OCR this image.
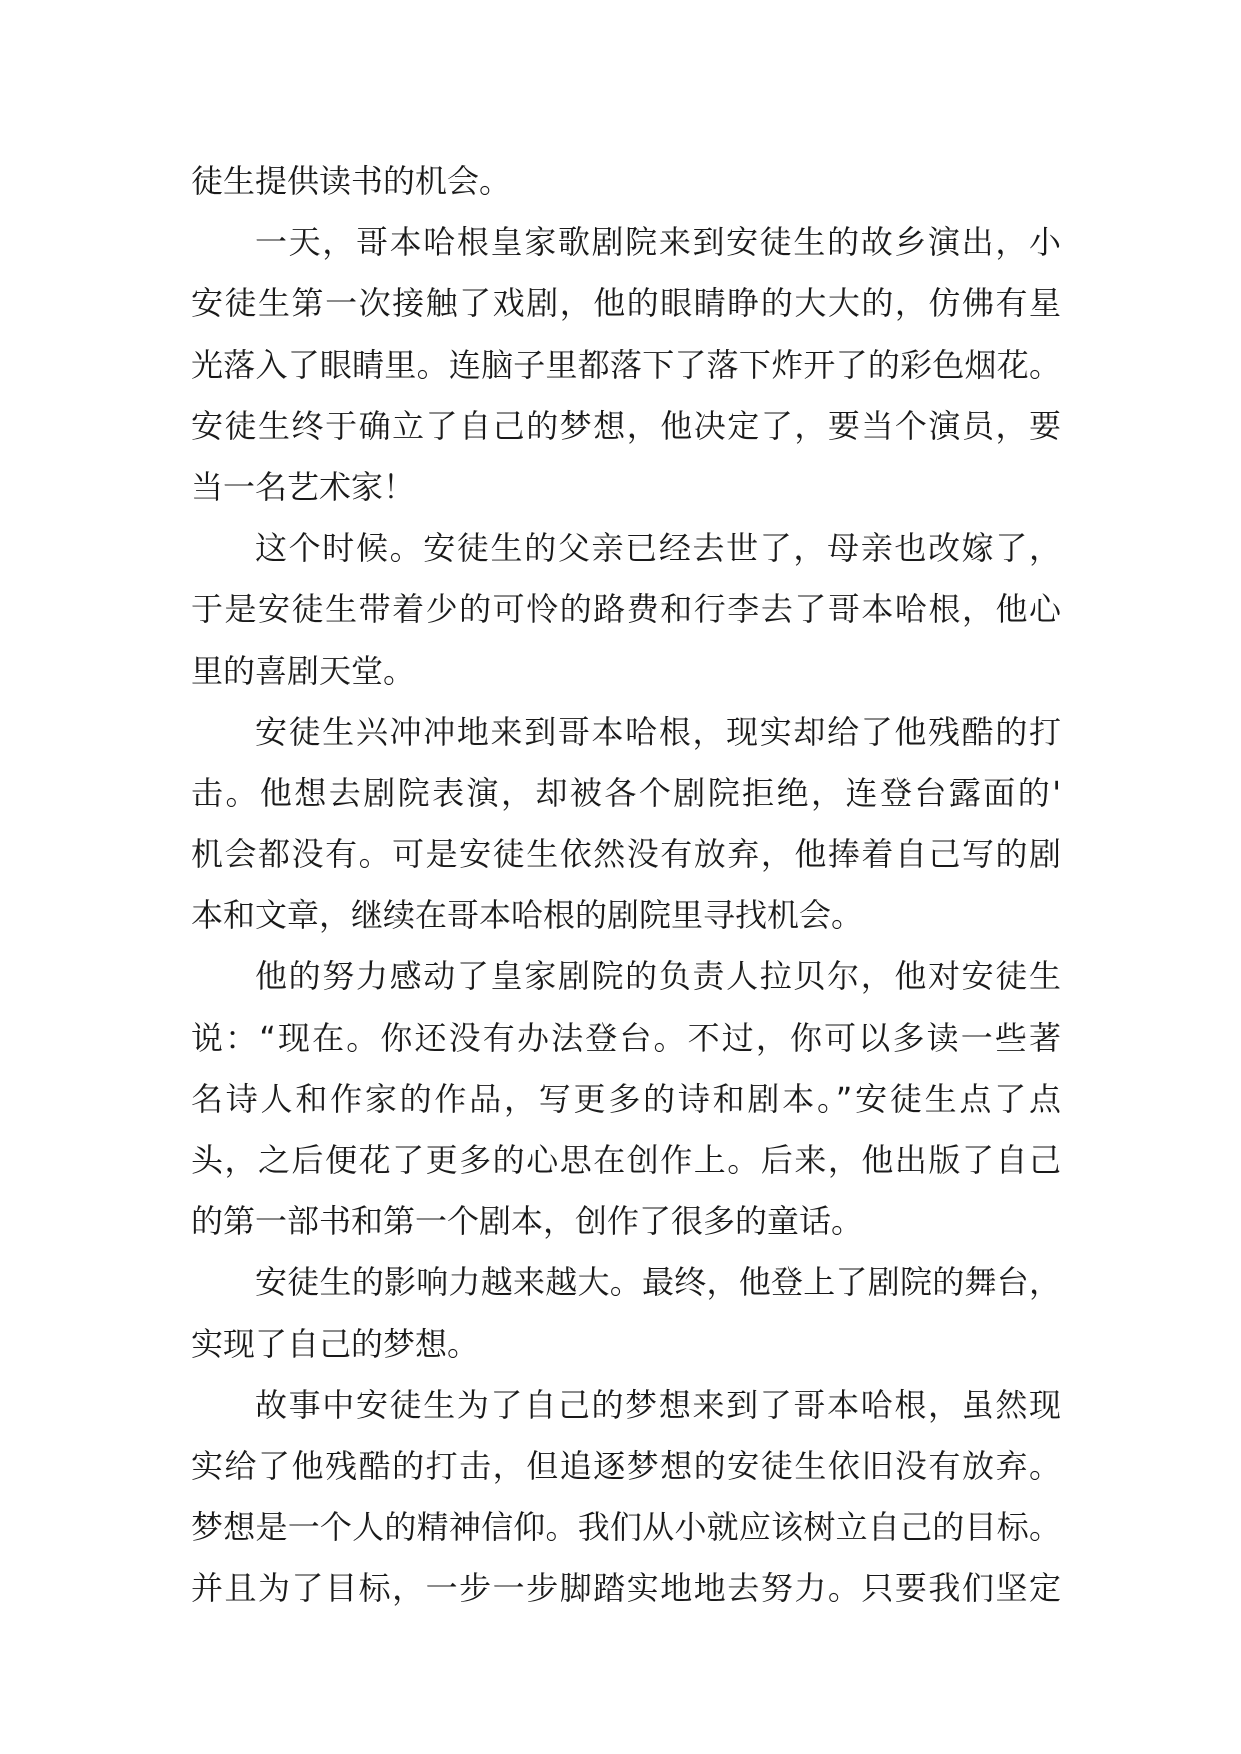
徒生提供读书的机会。
一天，哥本哈根皇家歌剧院来到安徒生的故乡演出，小
安徒生第一次接触了戏剧，他的眼睛睁的大大的，仿佛有星
光落入了眼睛里。连脑子里都落下了落下炸开了的彩色烟花。
安徒生终于确立了自己的梦想，他决定了，要当个演员，要
当一名艺术家！
这个时候。安徒生的父亲已经去世了，母亲也改嫁了，
于是安徒生带着少的可怜的路费和行李去了哥本哈根，他心
里的喜剧天堂。
安徒生兴冲冲地来到哥本哈根，现实却给了他残酷的打
击。他想去剧院表演，却被各个剧院拒绝，连登台露面的'
机会都没有。可是安徒生依然没有放弃，他捧着自己写的剧
本和文章，继续在哥本哈根的剧院里寻找机会。
他的努力感动了皇家剧院的负责人拉贝尔，他对安徒生
说：“现在。你还没有办法登台。不过，你可以多读一些著
名诗人和作家的作品，写更多的诗和剧本。”安徒生点了点
头，之后便花了更多的心思在创作上。后来，他出版了自己
的第一部书和第一个剧本，创作了很多的童话。
安徒生的影响力越来越大。最终，他登上了剧院的舞台，
实现了自己的梦想。
故事中安徒生为了自己的梦想来到了哥本哈根，虽然现
实给了他残酷的打击，但追逐梦想的安徒生依旧没有放弃。
梦想是一个人的精神信仰。我们从小就应该树立自己的目标。
并且为了目标，一步一步脚踏实地地去努力。只要我们坚定
